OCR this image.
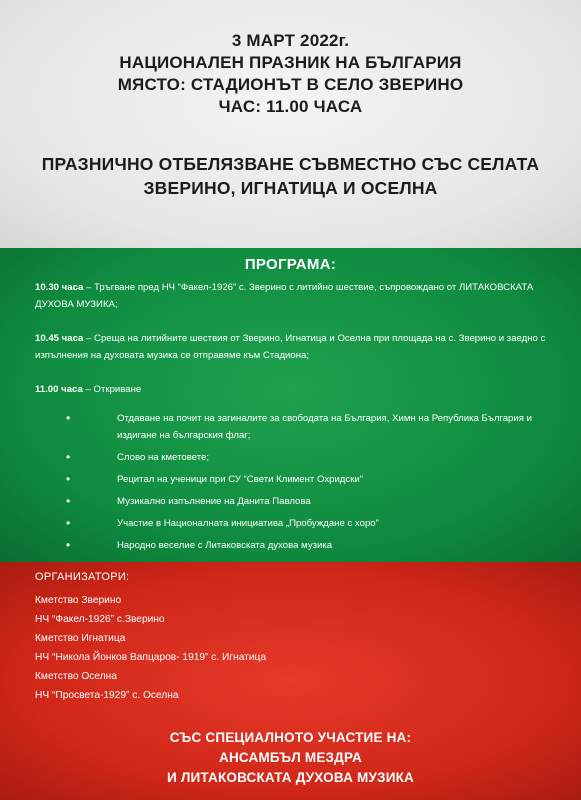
3 МАРТ 2022г.
НАЦИОНАЛЕН ПРАЗНИК НА БЪЛГАРИЯ
МЯСТО: СТАДИОНЪТ В СЕЛО ЗВЕРИНО
ЧАС: 11.00 ЧАСА
ПРАЗНИЧНО ОТБЕЛЯЗВАНЕ СЪВМЕСТНО СЪС СЕЛАТА
ЗВЕРИНО, ИГНАТИЦА И ОСЕЛНА
ПРОГРАМА:
10.30 часа – Тръгване пред НЧ “Факел-1926” с. Зверино с литийно шествие, съпровождано от ЛИТАКОВСКАТА ДУХОВА МУЗИКА;
10.45 часа – Среща на литийните шествия от Зверино, Игнатица и Оселна при площада на с. Зверино и заедно с изпълнения на духовата музика се отправяме към Стадиона;
11.00 часа – Откриване
•	Отдаване на почит на загиналите за свободата на България, Химн на Република България и издигане на българския флаг;
•	Слово на кметовете;
•	Рецитал на ученици при СУ “Свети Климент Охридски”
•	Музикално изпълнение на Данита Павлова
•	Участие в Националната инициатива „Пробуждане с хоро”
•	Народно веселие с Литаковската духова музика
ОРГАНИЗАТОРИ:
Кметство Зверино
НЧ “Факел-1926” с.Зверино
Кметство Игнатица
НЧ “Никола Йонков Вапцаров- 1919” с. Игнатица
Кметство Оселна
НЧ “Просвета-1929” с. Оселна
СЪС СПЕЦИАЛНОТО УЧАСТИЕ НА:
АНСАМБЪЛ МЕЗДРА
И ЛИТАКОВСКАТА ДУХОВА МУЗИКА
